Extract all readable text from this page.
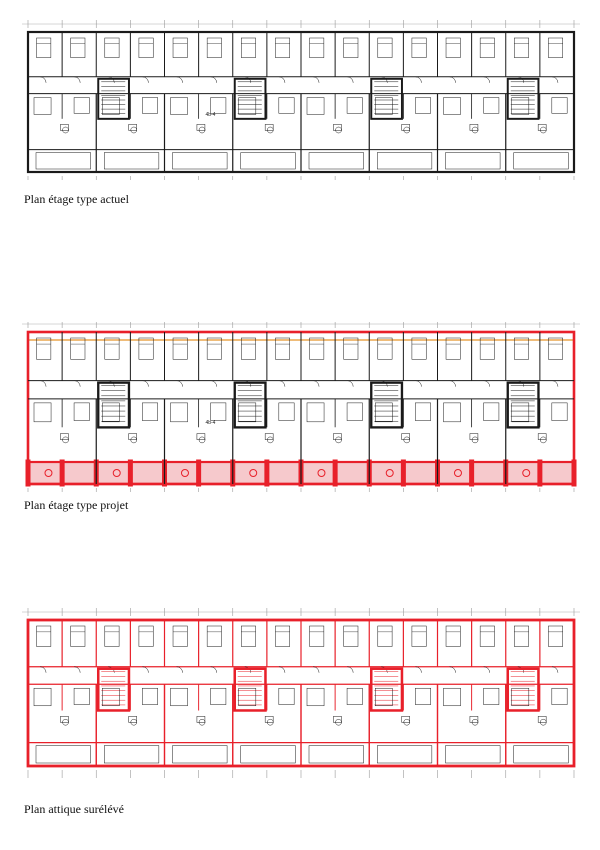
4b-4
Plan étage type actuel
4b-4
Plan étage type projet
Plan attique surélévé
